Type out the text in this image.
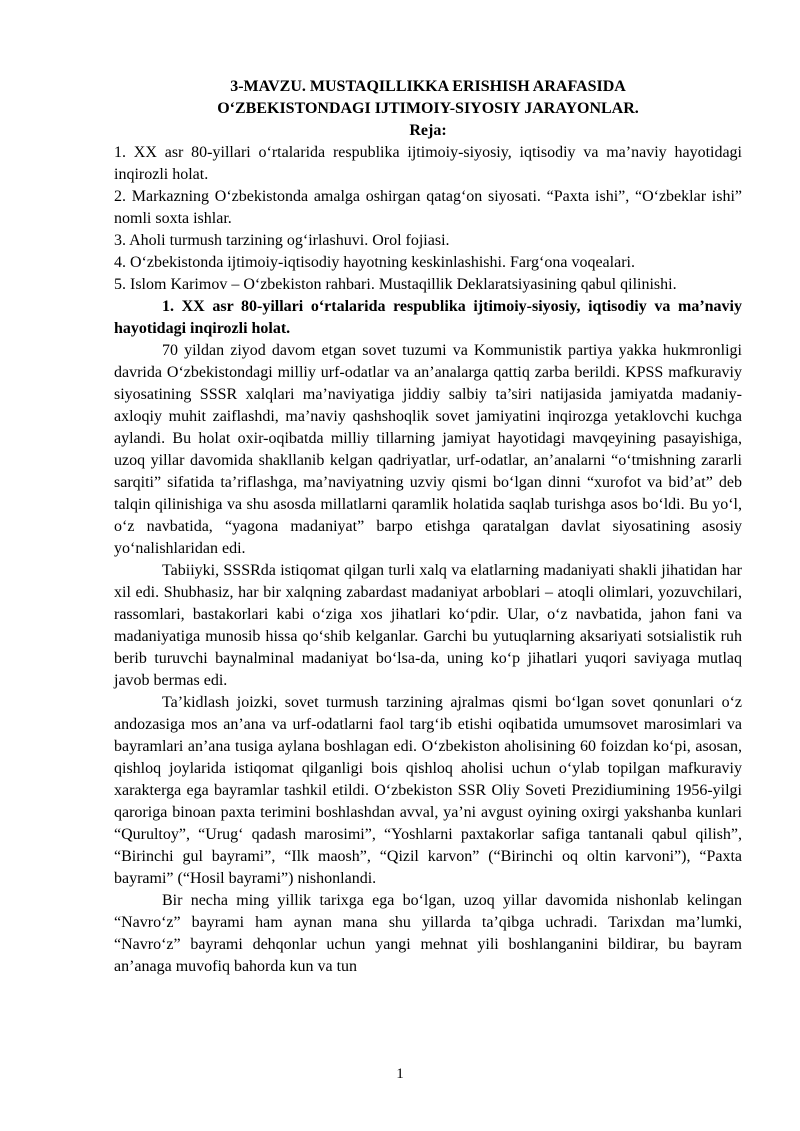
3-MAVZU. MUSTAQILLIKKA ERISHISH ARAFASIDA

O‘ZBEKISTONDAGI IJTIMOIY-SIYOSIY JARAYONLAR.

Reja:

1. XX asr 80-yillari o‘rtalarida respublika ijtimoiy-siyosiy, iqtisodiy va ma’naviy hayotidagi inqirozli holat.

2. Markazning O‘zbekistonda amalga oshirgan qatag‘on siyosati. “Paxta ishi”, “O‘zbeklar ishi” nomli soxta ishlar.

3. Aholi turmush tarzining og‘irlashuvi. Orol fojiasi.

4. O‘zbekistonda ijtimoiy-iqtisodiy hayotning keskinlashishi. Farg‘ona voqealari.

5. Islom Karimov – O‘zbekiston rahbari. Mustaqillik Deklaratsiyasining qabul qilinishi.

1. XX asr 80-yillari o‘rtalarida respublika ijtimoiy-siyosiy, iqtisodiy va ma’naviy hayotidagi inqirozli holat.

70 yildan ziyod davom etgan sovet tuzumi va Kommunistik partiya yakka hukmronligi davrida O‘zbekistondagi milliy urf-odatlar va an’analarga qattiq zarba berildi. KPSS mafkuraviy siyosatining SSSR xalqlari ma’naviyatiga jiddiy salbiy ta’siri natijasida jamiyatda madaniy-axloqiy muhit zaiflashdi, ma’naviy qashshoqlik sovet jamiyatini inqirozga yetaklovchi kuchga aylandi. Bu holat oxir-oqibatda milliy tillarning jamiyat hayotidagi mavqeyining pasayishiga, uzoq yillar davomida shakllanib kelgan qadriyatlar, urf-odatlar, an’analarni “o‘tmishning zararli sarqiti” sifatida ta’riflashga, ma’naviyatning uzviy qismi bo‘lgan dinni “xurofot va bid’at” deb talqin qilinishiga va shu asosda millatlarni qaramlik holatida saqlab turishga asos bo‘ldi. Bu yo‘l, o‘z navbatida, “yagona madaniyat” barpo etishga qaratalgan davlat siyosatining asosiy yo‘nalishlaridan edi.

Tabiiyki, SSSRda istiqomat qilgan turli xalq va elatlarning madaniyati shakli jihatidan har xil edi. Shubhasiz, har bir xalqning zabardast madaniyat arboblari – atoqli olimlari, yozuvchilari, rassomlari, bastakorlari kabi o‘ziga xos jihatlari ko‘pdir. Ular, o‘z navbatida, jahon fani va madaniyatiga munosib hissa qo‘shib kelganlar. Garchi bu yutuqlarning aksariyati sotsialistik ruh berib turuvchi baynalminal madaniyat bo‘lsa-da, uning ko‘p jihatlari yuqori saviyaga mutlaq javob bermas edi.

Ta’kidlash joizki, sovet turmush tarzining ajralmas qismi bo‘lgan sovet qonunlari o‘z andozasiga mos an’ana va urf-odatlarni faol targ‘ib etishi oqibatida umumsovet marosimlari va bayramlari an’ana tusiga aylana boshlagan edi. O‘zbekiston aholisining 60 foizdan ko‘pi, asosan, qishloq joylarida istiqomat qilganligi bois qishloq aholisi uchun o‘ylab topilgan mafkuraviy xarakterga ega bayramlar tashkil etildi. O‘zbekiston SSR Oliy Soveti Prezidiumining 1956-yilgi qaroriga binoan paxta terimini boshlashdan avval, ya’ni avgust oyining oxirgi yakshanba kunlari “Qurultoy”, “Urug‘ qadash marosimi”, “Yoshlarni paxtakorlar safiga tantanali qabul qilish”, “Birinchi gul bayrami”, “Ilk maosh”, “Qizil karvon” (“Birinchi oq oltin karvoni”), “Paxta bayrami” (“Hosil bayrami”) nishonlandi.

Bir necha ming yillik tarixga ega bo‘lgan, uzoq yillar davomida nishonlab kelingan “Navro‘z” bayrami ham aynan mana shu yillarda ta’qibga uchradi. Tarixdan ma’lumki, “Navro‘z” bayrami dehqonlar uchun yangi mehnat yili boshlanganini bildirar, bu bayram an’anaga muvofiq bahorda kun va tun

1
